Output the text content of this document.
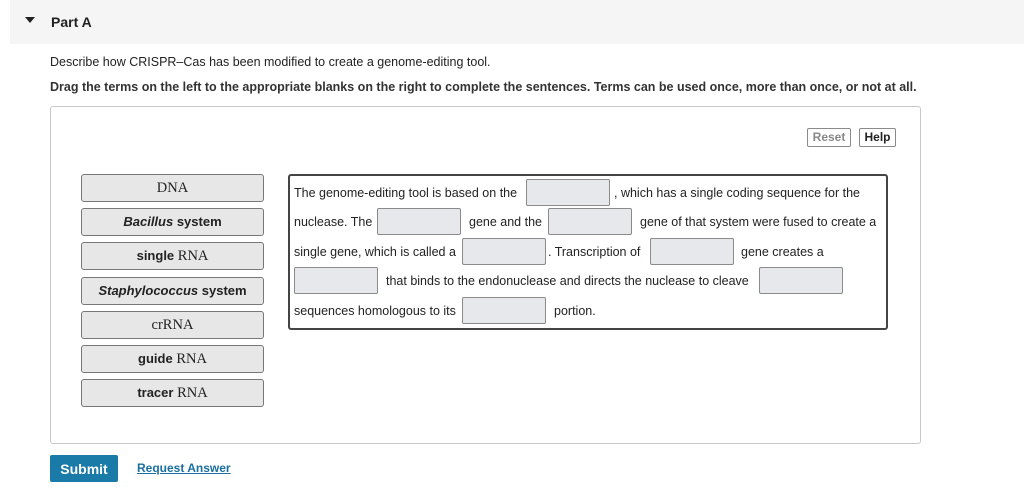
Part A
Describe how CRISPR–Cas has been modified to create a genome-editing tool.
Drag the terms on the left to the appropriate blanks on the right to complete the sentences. Terms can be used once, more than once, or not at all.
Reset	Help
DNA
Bacillus system
single RNA
Staphylococcus system
crRNA
guide RNA
tracer RNA
The genome-editing tool is based on the	, which has a single coding sequence for the
nuclease. The	gene and the	gene of that system were fused to create a
single gene, which is called a	. Transcription of	gene creates a
that binds to the endonuclease and directs the nuclease to cleave
sequences homologous to its	portion.
Submit	Request Answer
